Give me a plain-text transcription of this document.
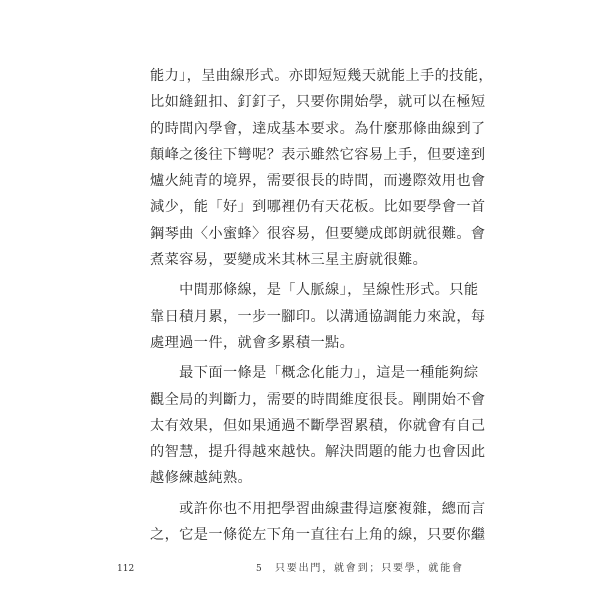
能力」，呈曲線形式。亦即短短幾天就能上手的技能，
比如縫鈕扣、釘釘子，只要你開始學，就可以在極短
的時間內學會，達成基本要求。為什麼那條曲線到了
顛峰之後往下彎呢？表示雖然它容易上手，但要達到
爐火純青的境界，需要很長的時間，而邊際效用也會
減少，能「好」到哪裡仍有天花板。比如要學會一首
鋼琴曲〈小蜜蜂〉很容易，但要變成郎朗就很難。會
煮菜容易，要變成米其林三星主廚就很難。
　　中間那條線，是「人脈線」，呈線性形式。只能
靠日積月累，一步一腳印。以溝通協調能力來說，每
處理過一件，就會多累積一點。
　　最下面一條是「概念化能力」，這是一種能夠綜
觀全局的判斷力，需要的時間維度很長。剛開始不會
太有效果，但如果通過不斷學習累積，你就會有自己
的智慧，提升得越來越快。解決問題的能力也會因此
越修練越純熟。
　　或許你也不用把學習曲線畫得這麼複雜，總而言
之，它是一條從左下角一直往右上角的線，只要你繼
112	5 只要出門，就會到；只要學，就能會
